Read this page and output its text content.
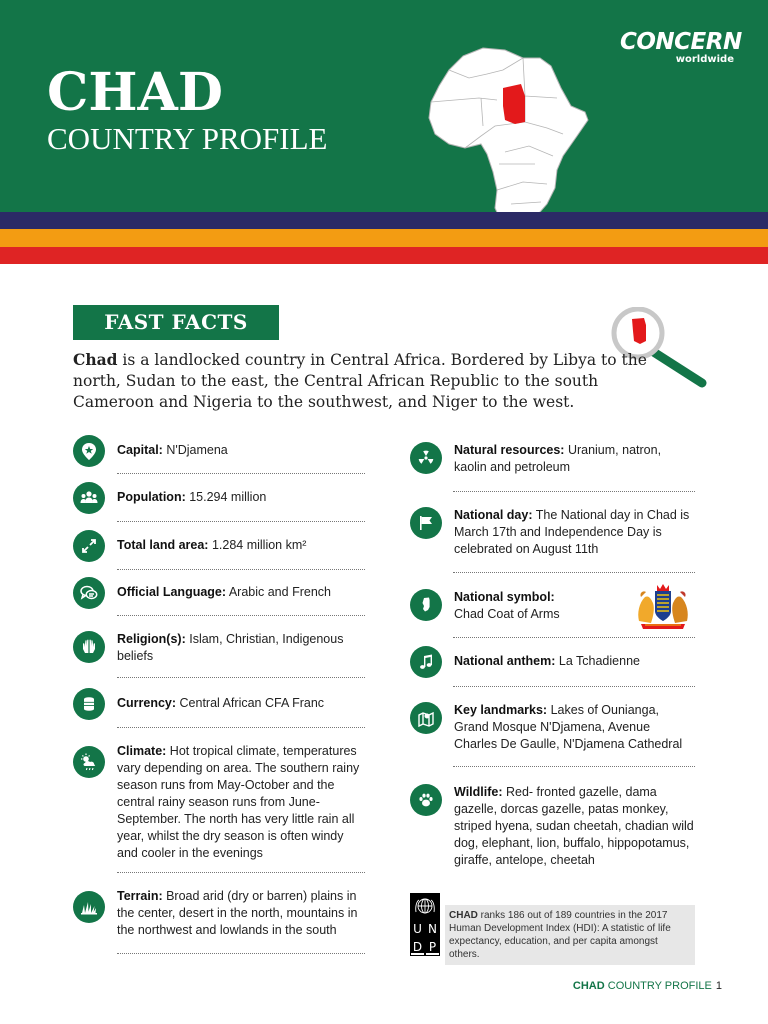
CHAD
COUNTRY PROFILE
CONCERN
worldwide
FAST FACTS

Chad is a landlocked country in Central Africa. Bordered by Libya to the north, Sudan to the east, the Central African Republic to the south Cameroon and Nigeria to the southwest, and Niger to the west.

Capital: N'Djamena
Population: 15.294 million
Total land area: 1.284 million km²
Official Language: Arabic and French
Religion(s): Islam, Christian, Indigenous beliefs
Currency: Central African CFA Franc
Climate: Hot tropical climate, temperatures vary depending on area. The southern rainy season runs from May-October and the central rainy season runs from June-September. The north has very little rain all year, whilst the dry season is often windy and cooler in the evenings
Terrain: Broad arid (dry or barren) plains in the center, desert in the north, mountains in the northwest and lowlands in the south
Natural resources: Uranium, natron, kaolin and petroleum
National day: The National day in Chad is March 17th and Independence Day is celebrated on August 11th
National symbol:
Chad Coat of Arms
National anthem: La Tchadienne
Key landmarks: Lakes of Ounianga, Grand Mosque N'Djamena, Avenue Charles De Gaulle, N'Djamena Cathedral
Wildlife: Red- fronted gazelle, dama gazelle, dorcas gazelle, patas monkey, striped hyena, sudan cheetah, chadian wild dog, elephant, lion, buffalo, hippopotamus, giraffe, antelope, cheetah
U N
D P
CHAD ranks 186 out of 189 countries in the 2017 Human Development Index (HDI): A statistic of life expectancy, education, and per capita amongst others.
CHAD COUNTRY PROFILE 1
